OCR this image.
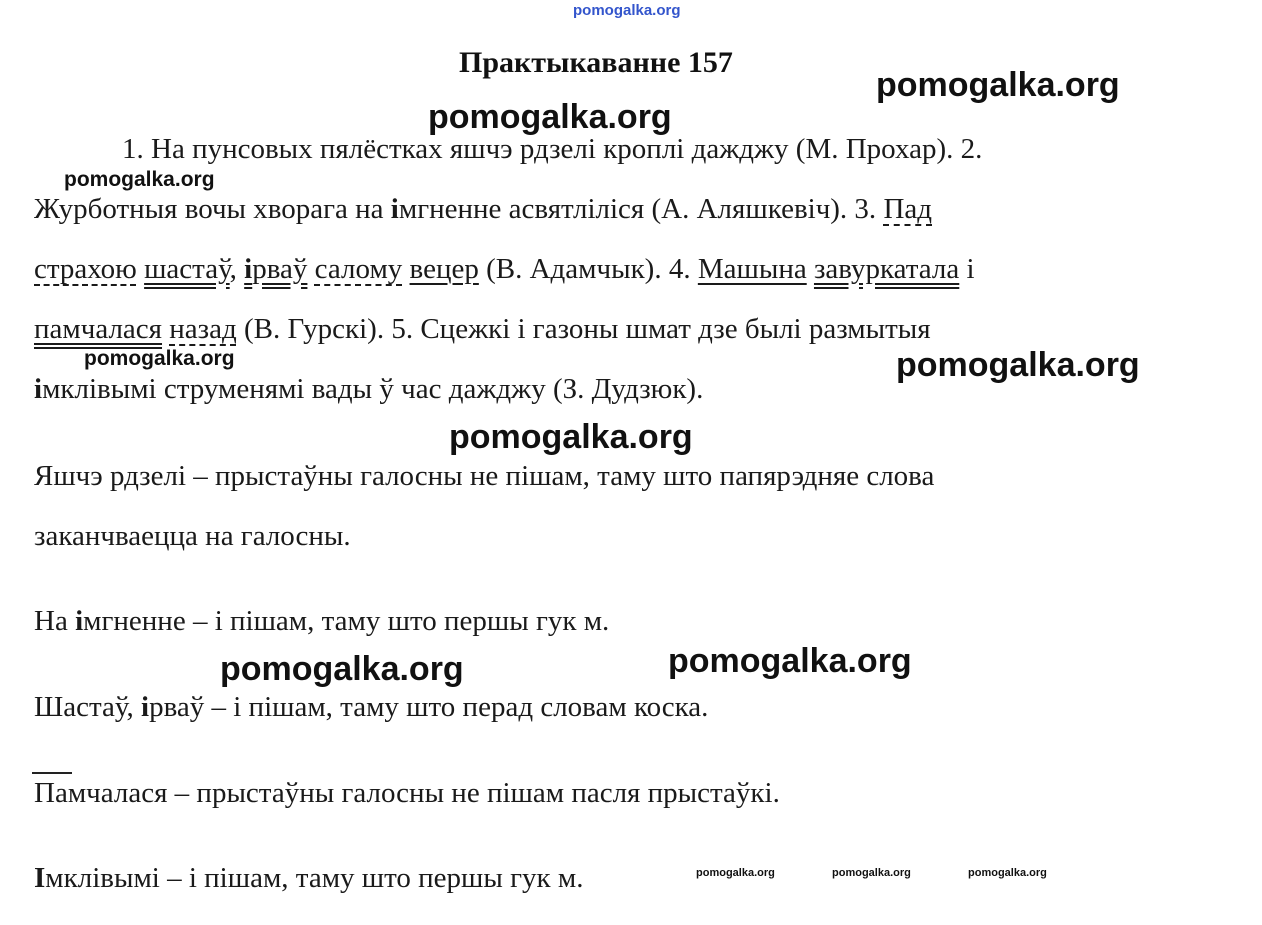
pomogalka.org
pomogalka.org
pomogalka.org
pomogalka.org
pomogalka.org	pomogalka.org
pomogalka.org
pomogalka.org	pomogalka.org
pomogalka.org	pomogalka.org	pomogalka.org
Практыкаванне 157
1. На пунсовых пялёстках яшчэ рдзелі кроплі дажджу (М. Прохар). 2.
Журботныя вочы хворага на імгненне асвятліліся (А. Аляшкевіч). 3. Пад
страхою шастаў, ірваў салому вецер (В. Адамчык). 4. Машына завуркатала і
памчалася назад (В. Гурскі). 5. Сцежкі і газоны шмат дзе былі размытыя
імклівымі струменямі вады ў час дажджу (З. Дудзюк).
Яшчэ рдзелі – прыстаўны галосны не пішам, таму што папярэдняе слова
заканчваецца на галосны.
На імгненне – і пішам, таму што першы гук м.
Шастаў, ірваў – і пішам, таму што перад словам коска.
Памчалася – прыстаўны галосны не пішам пасля прыстаўкі.
Імклівымі – і пішам, таму што першы гук м.
